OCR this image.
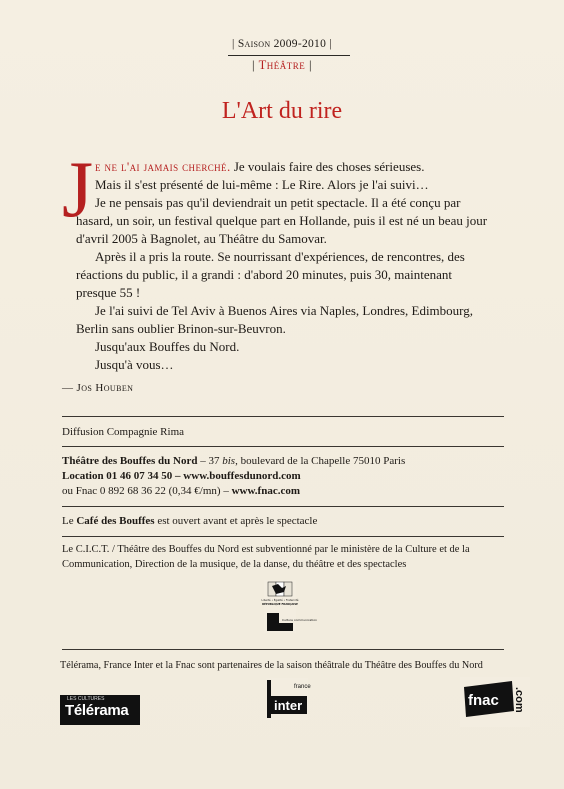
| Saison 2009-2010 |
| Théâtre |
L'Art du rire
J e ne l'ai jamais cherché. Je voulais faire des choses sérieuses.

Mais il s'est présenté de lui-même : Le Rire. Alors je l'ai suivi…

Je ne pensais pas qu'il deviendrait un petit spectacle. Il a été conçu par hasard, un soir, un festival quelque part en Hollande, puis il est né un beau jour d'avril 2005 à Bagnolet, au Théâtre du Samovar.

Après il a pris la route. Se nourrissant d'expériences, de rencontres, des réactions du public, il a grandi : d'abord 20 minutes, puis 30, maintenant presque 55 !

Je l'ai suivi de Tel Aviv à Buenos Aires via Naples, Londres, Edimbourg, Berlin sans oublier Brinon-sur-Beuvron.

Jusqu'aux Bouffes du Nord.

Jusqu'à vous…

— Jos Houben
Diffusion Compagnie Rima
Théâtre des Bouffes du Nord – 37 bis, boulevard de la Chapelle 75010 Paris
Location 01 46 07 34 50 – www.bouffesdunord.com
ou Fnac 0 892 68 36 22 (0,34 €/mn) – www.fnac.com
Le Café des Bouffes est ouvert avant et après le spectacle
Le C.I.C.T. / Théâtre des Bouffes du Nord est subventionné par le ministère de la Culture et de la Communication, Direction de la musique, de la danse, du théâtre et des spectacles
Liberté • Égalité • Fraternité
RÉPUBLIQUE FRANÇAISE
Culture communication
Télérama, France Inter et la Fnac sont partenaires de la saison théâtrale du Théâtre des Bouffes du Nord
LES CULTURES
Télérama
france
inter	fnac .com
